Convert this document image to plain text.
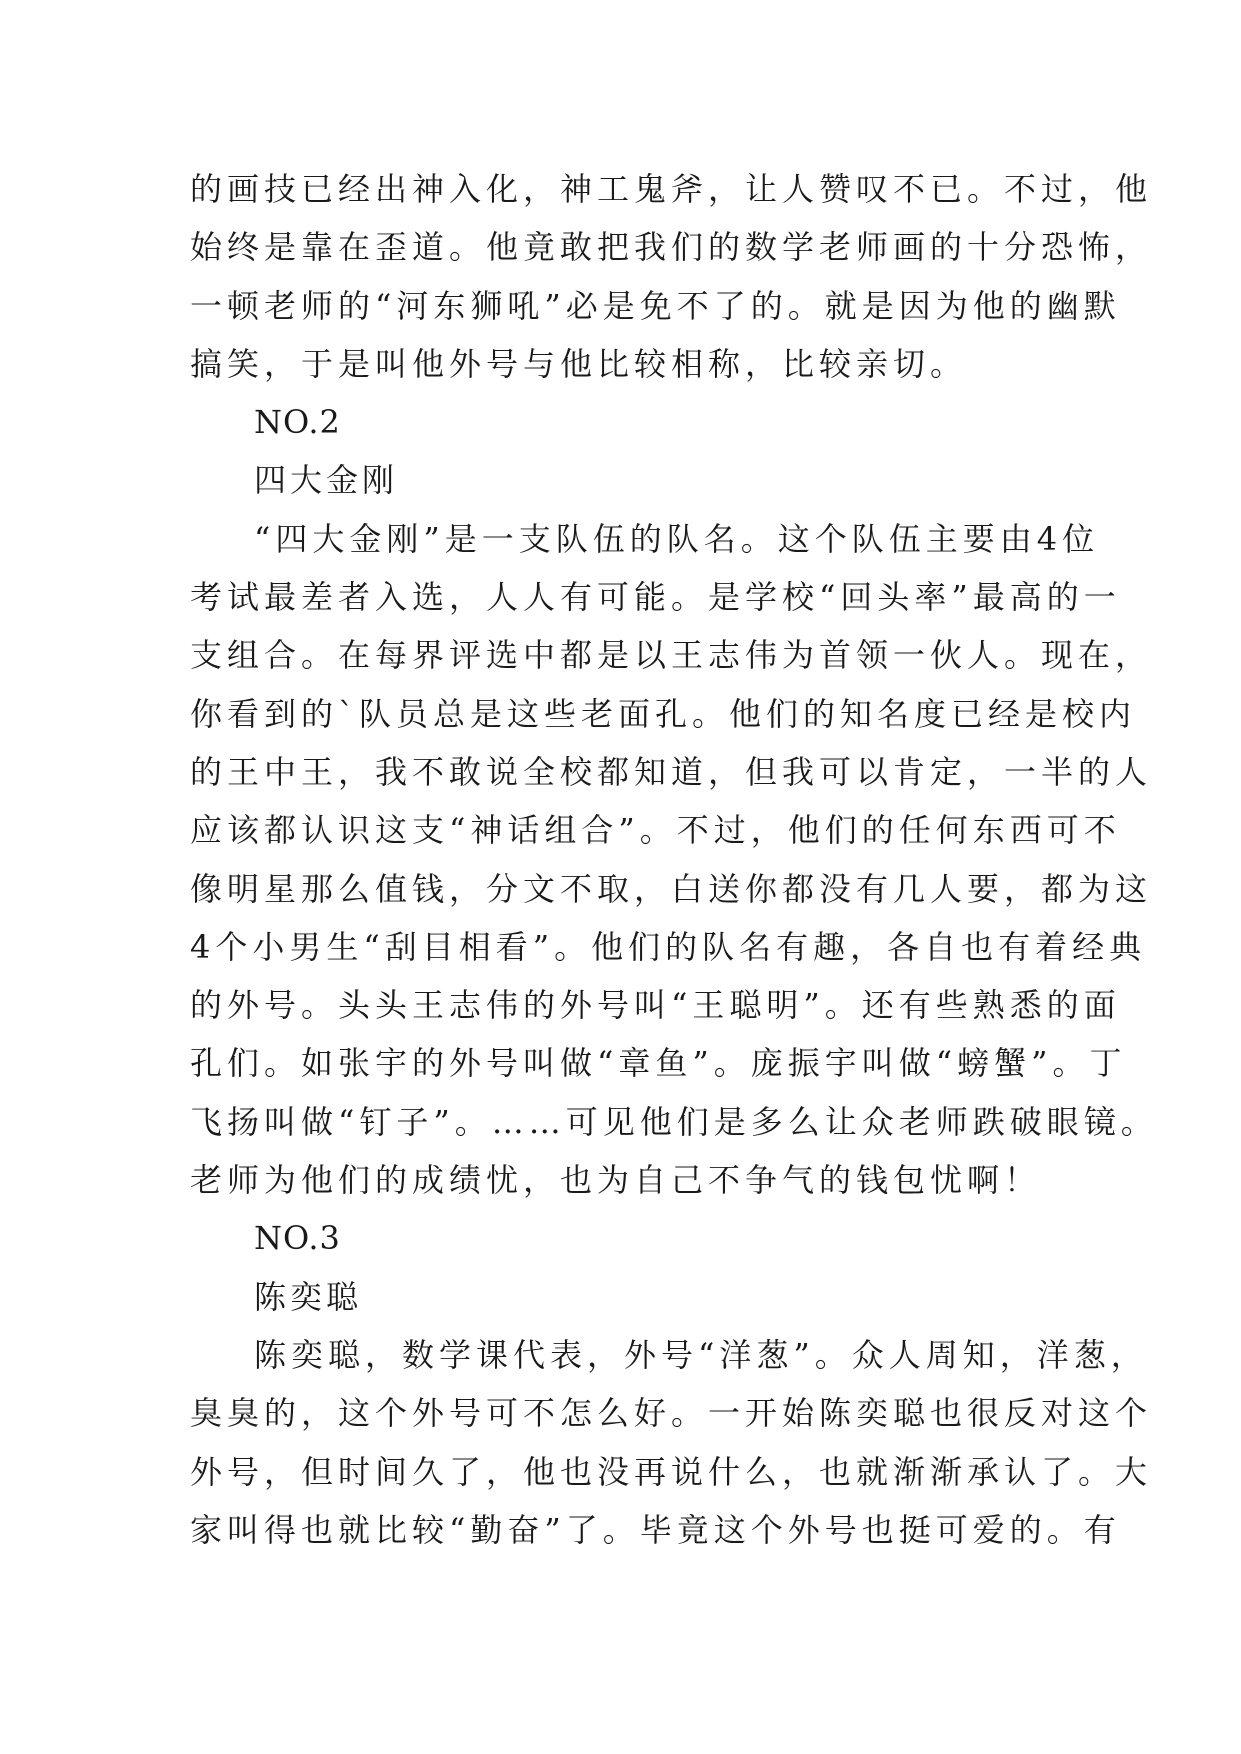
的画技已经出神入化，神工鬼斧，让人赞叹不已。不过，他
始终是靠在歪道。他竟敢把我们的数学老师画的十分恐怖，
一顿老师的“河东狮吼”必是免不了的。就是因为他的幽默
搞笑，于是叫他外号与他比较相称，比较亲切。
NO.2
四大金刚
“四大金刚”是一支队伍的队名。这个队伍主要由4位
考试最差者入选，人人有可能。是学校“回头率”最高的一
支组合。在每界评选中都是以王志伟为首领一伙人。现在，
你看到的`队员总是这些老面孔。他们的知名度已经是校内
的王中王，我不敢说全校都知道，但我可以肯定，一半的人
应该都认识这支“神话组合”。不过，他们的任何东西可不
像明星那么值钱，分文不取，白送你都没有几人要，都为这
4个小男生“刮目相看”。他们的队名有趣，各自也有着经典
的外号。头头王志伟的外号叫“王聪明”。还有些熟悉的面
孔们。如张宇的外号叫做“章鱼”。庞振宇叫做“螃蟹”。丁
飞扬叫做“钉子”。……可见他们是多么让众老师跌破眼镜。
老师为他们的成绩忧，也为自己不争气的钱包忧啊！
NO.3
陈奕聪
陈奕聪，数学课代表，外号“洋葱”。众人周知，洋葱，
臭臭的，这个外号可不怎么好。一开始陈奕聪也很反对这个
外号，但时间久了，他也没再说什么，也就渐渐承认了。大
家叫得也就比较“勤奋”了。毕竟这个外号也挺可爱的。有
